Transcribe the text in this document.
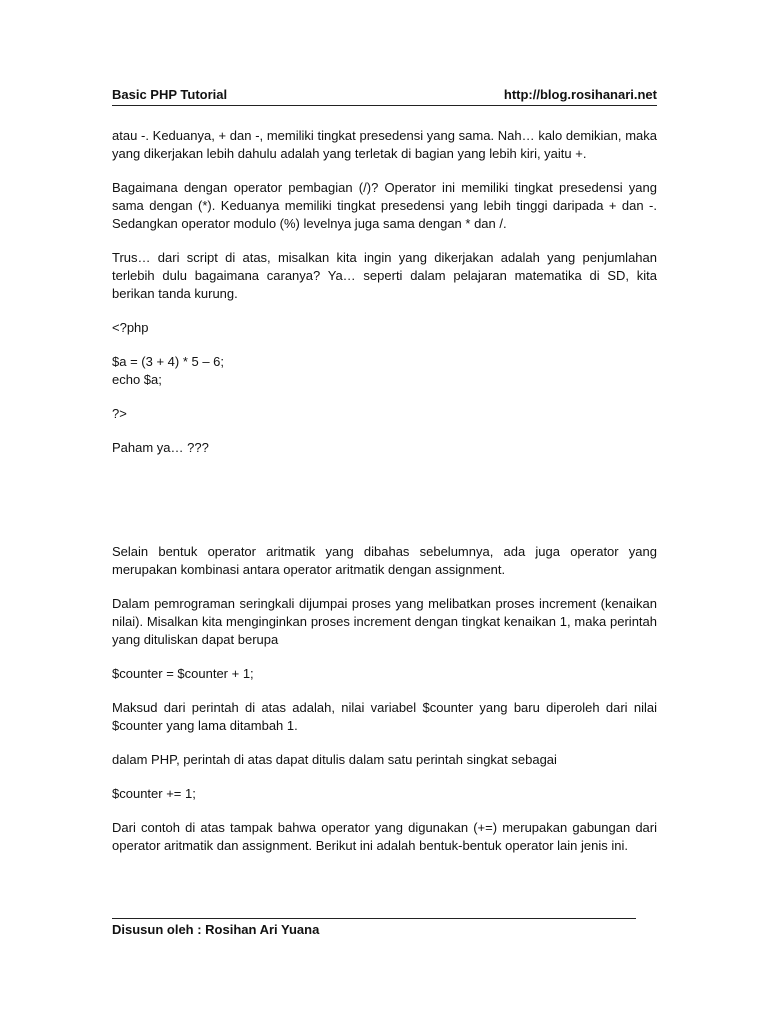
Basic PHP Tutorial	http://blog.rosihanari.net

atau -. Keduanya, + dan -, memiliki tingkat presedensi yang sama. Nah… kalo demikian, maka yang dikerjakan lebih dahulu adalah yang terletak di bagian yang lebih kiri, yaitu +.

Bagaimana dengan operator pembagian (/)? Operator ini memiliki tingkat presedensi yang sama dengan (*). Keduanya memiliki tingkat presedensi yang lebih tinggi daripada + dan -. Sedangkan operator modulo (%) levelnya juga sama dengan * dan /.

Trus… dari script di atas, misalkan kita ingin yang dikerjakan adalah yang penjumlahan terlebih dulu bagaimana caranya? Ya… seperti dalam pelajaran matematika di SD, kita berikan tanda kurung.

<?php

$a = (3 + 4) * 5 – 6;
echo $a;

?>

Paham ya… ???

Selain bentuk operator aritmatik yang dibahas sebelumnya, ada juga operator yang merupakan kombinasi antara operator aritmatik dengan assignment.

Dalam pemrograman seringkali dijumpai proses yang melibatkan proses increment (kenaikan nilai). Misalkan kita menginginkan proses increment dengan tingkat kenaikan 1, maka perintah yang dituliskan dapat berupa

$counter = $counter + 1;

Maksud dari perintah di atas adalah, nilai variabel $counter yang baru diperoleh dari nilai $counter yang lama ditambah 1.

dalam PHP, perintah di atas dapat ditulis dalam satu perintah singkat sebagai

$counter += 1;

Dari contoh di atas tampak bahwa operator yang digunakan (+=) merupakan gabungan dari operator aritmatik dan assignment. Berikut ini adalah bentuk-bentuk operator lain jenis ini.

Disusun oleh : Rosihan Ari Yuana
